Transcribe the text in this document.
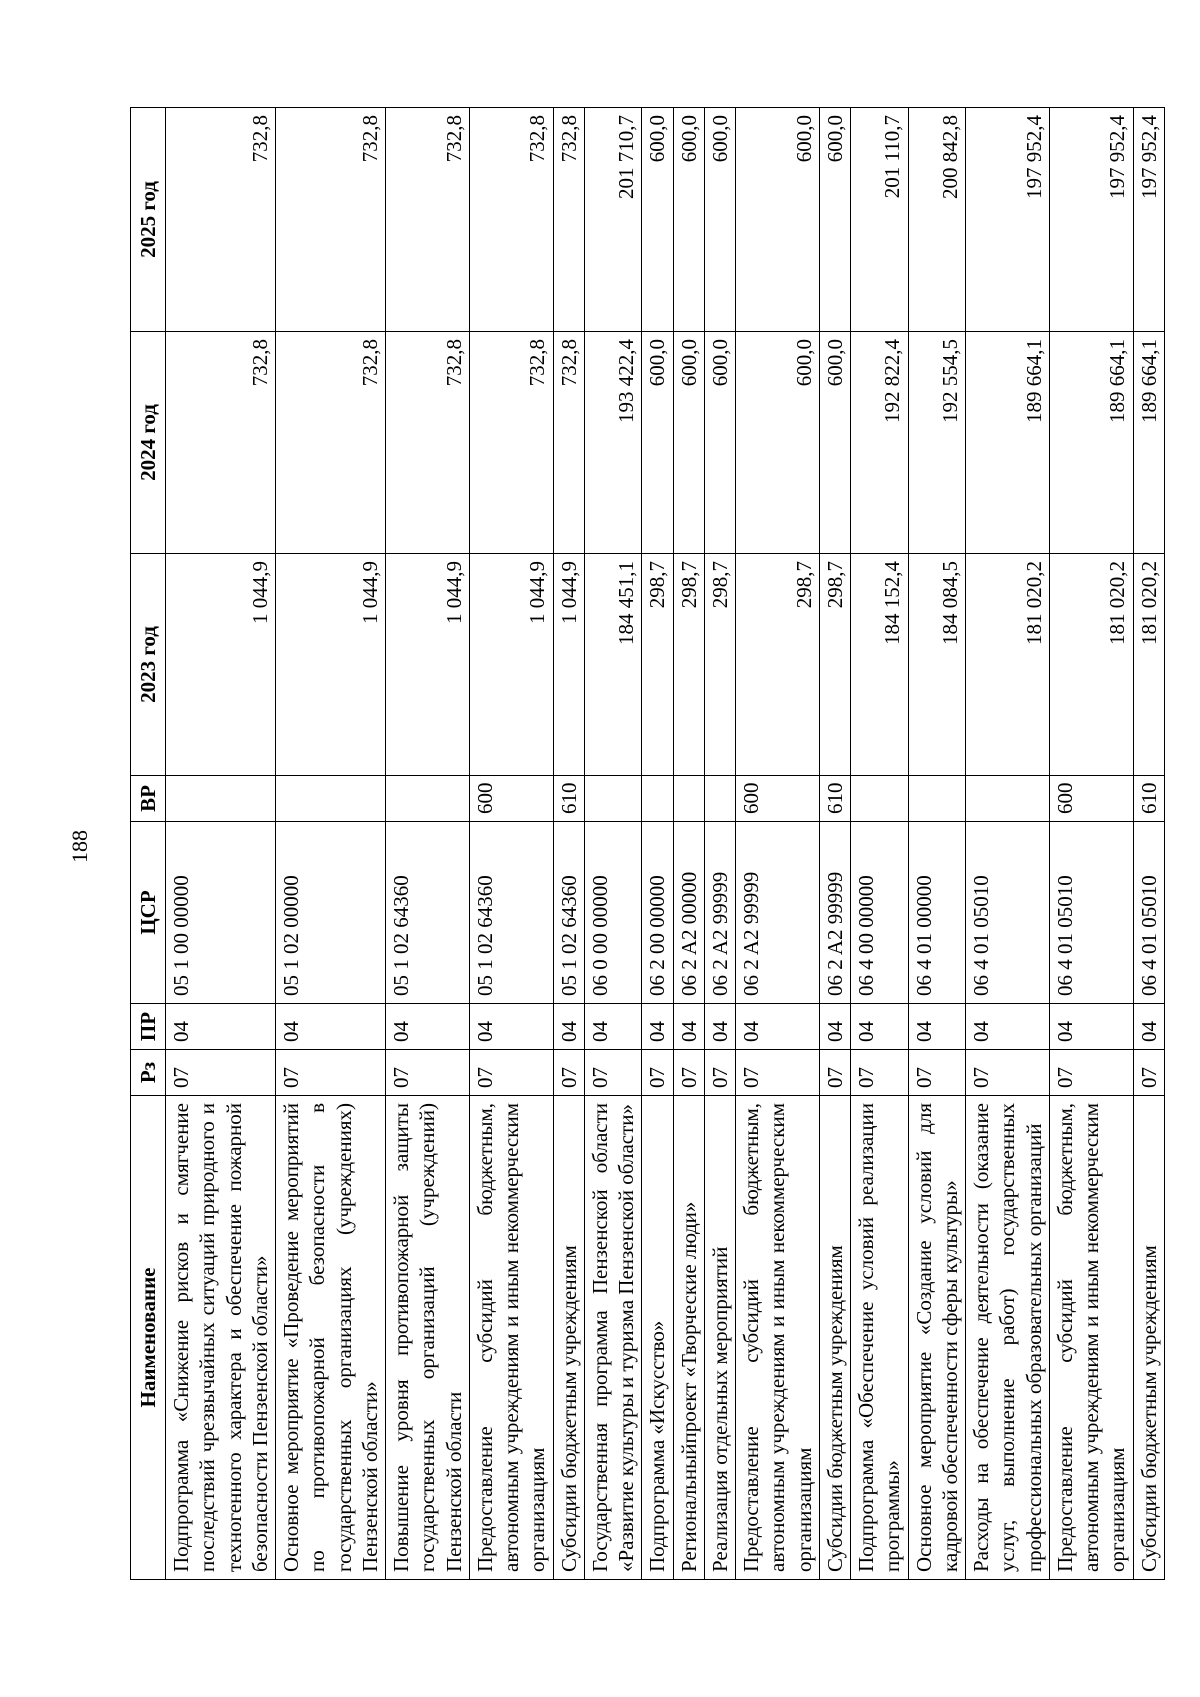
188
Наименование	Рз	ПР	ЦСР	ВР	2023 год	2024 год	2025 год
Подпрограмма «Снижение рисков и смягчение последствий чрезвычайных ситуаций природного и техногенного характера и обеспечение пожарной безопасности Пензенской области»	07	04	05 1 00 00000		1 044,9	732,8	732,8
Основное мероприятие «Проведение мероприятий по противопожарной безопасности в государственных организациях (учреждениях) Пензенской области»	07	04	05 1 02 00000		1 044,9	732,8	732,8
Повышение уровня противопожарной защиты государственных организаций (учреждений) Пензенской области	07	04	05 1 02 64360		1 044,9	732,8	732,8
Предоставление субсидий бюджетным, автономным учреждениям и иным некоммерческим организациям	07	04	05 1 02 64360	600	1 044,9	732,8	732,8
Субсидии бюджетным учреждениям	07	04	05 1 02 64360	610	1 044,9	732,8	732,8
Государственная программа Пензенской области «Развитие культуры и туризма Пензенской области»	07	04	06 0 00 00000		184 451,1	193 422,4	201 710,7
Подпрограмма «Искусство»	07	04	06 2 00 00000		298,7	600,0	600,0
Региональныйпроект «Творческие люди»	07	04	06 2 A2 00000		298,7	600,0	600,0
Реализация отдельных мероприятий	07	04	06 2 A2 99999		298,7	600,0	600,0
Предоставление субсидий бюджетным, автономным учреждениям и иным некоммерческим организациям	07	04	06 2 A2 99999	600	298,7	600,0	600,0
Субсидии бюджетным учреждениям	07	04	06 2 A2 99999	610	298,7	600,0	600,0
Подпрограмма «Обеспечение условий реализации программы»	07	04	06 4 00 00000		184 152,4	192 822,4	201 110,7
Основное мероприятие «Создание условий для кадровой обеспеченности сферы культуры»	07	04	06 4 01 00000		184 084,5	192 554,5	200 842,8
Расходы на обеспечение деятельности (оказание услуг, выполнение работ) государственных профессиональных образовательных организаций	07	04	06 4 01 05010		181 020,2	189 664,1	197 952,4
Предоставление субсидий бюджетным, автономным учреждениям и иным некоммерческим организациям	07	04	06 4 01 05010	600	181 020,2	189 664,1	197 952,4
Субсидии бюджетным учреждениям	07	04	06 4 01 05010	610	181 020,2	189 664,1	197 952,4
